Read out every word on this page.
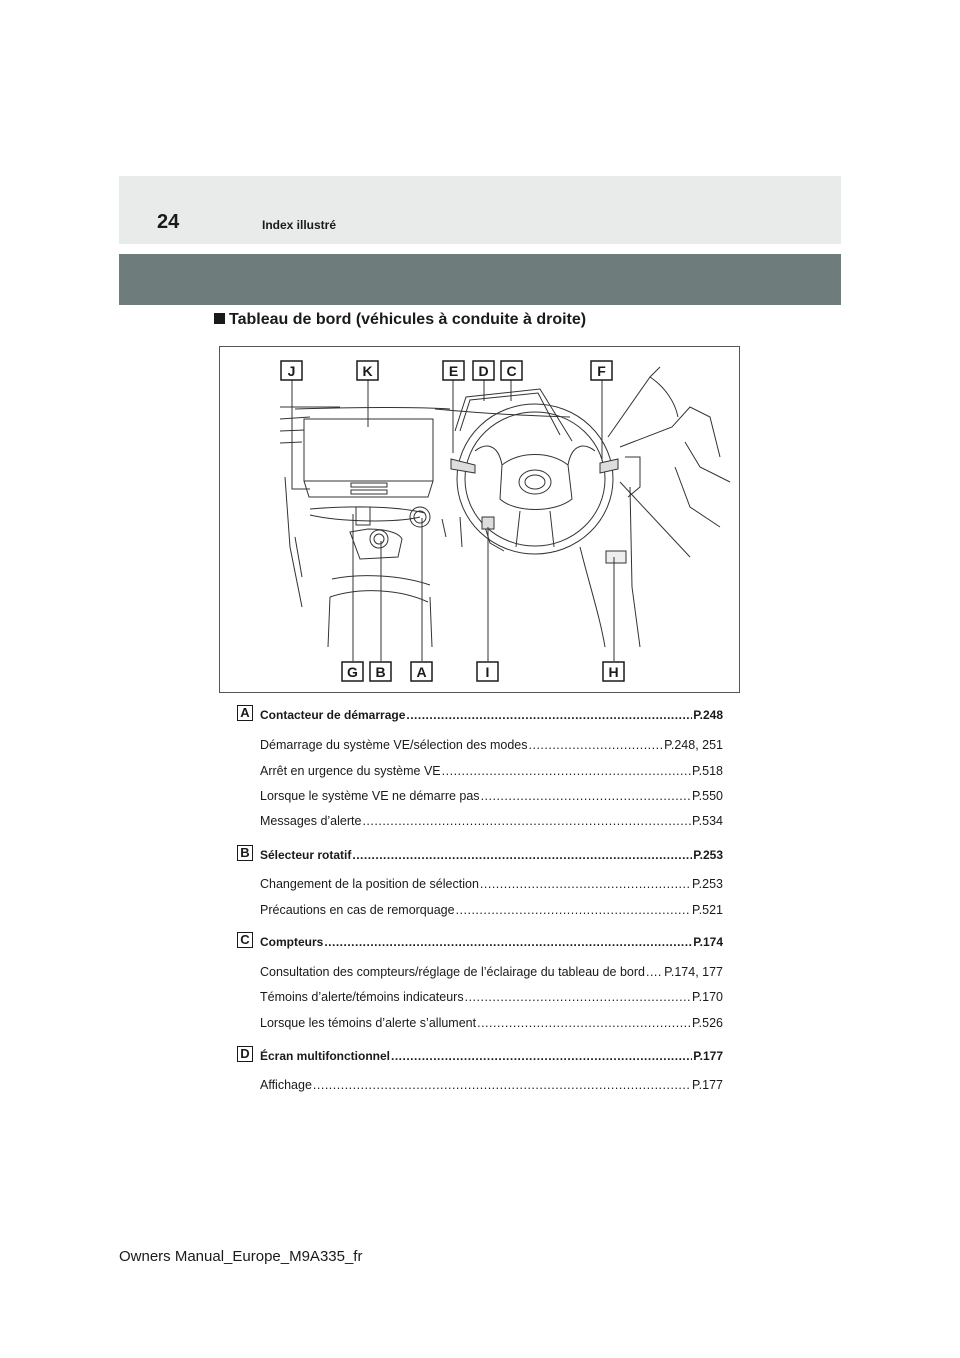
24	Index illustré
Tableau de bord (véhicules à conduite à droite)
J	K	E D C	F
G B A	I	H
A Contacteur de démarrage .....	P.248
Démarrage du système VE/sélection des modes .....	P.248, 251
Arrêt en urgence du système VE .....	P.518
Lorsque le système VE ne démarre pas .....	P.550
Messages d’alerte .....	P.534
B Sélecteur rotatif .....	P.253
Changement de la position de sélection .....	P.253
Précautions en cas de remorquage .....	P.521
C Compteurs .....	P.174
Consultation des compteurs/réglage de l’éclairage du tableau de bord ..... P.174, 177
Témoins d’alerte/témoins indicateurs .....	P.170
Lorsque les témoins d’alerte s’allument .....	P.526
D Écran multifonctionnel .....	P.177
Affichage .....	P.177
Owners Manual_Europe_M9A335_fr
